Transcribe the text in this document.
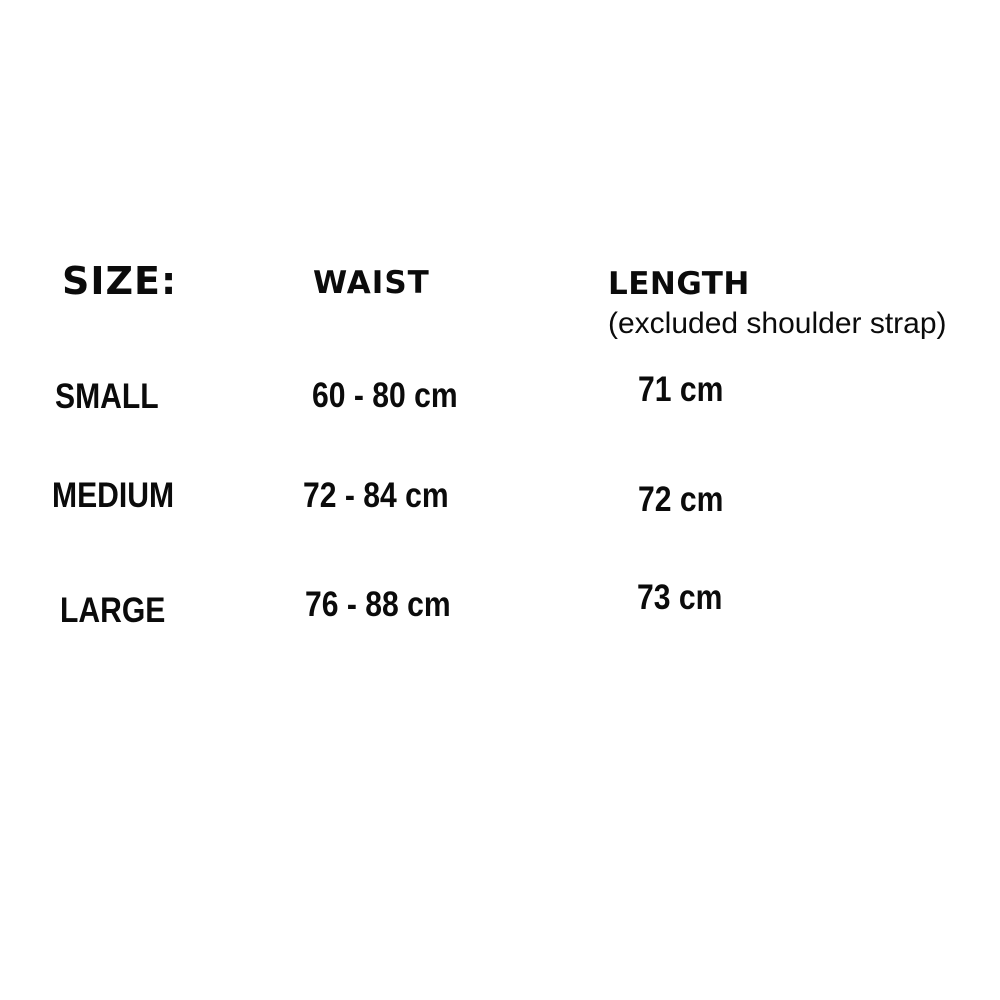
SIZE:	WAIST	LENGTH
(excluded shoulder strap)
SMALL	60 - 80 cm	71 cm
MEDIUM	72 - 84 cm	72 cm
LARGE	76 - 88 cm	73 cm
